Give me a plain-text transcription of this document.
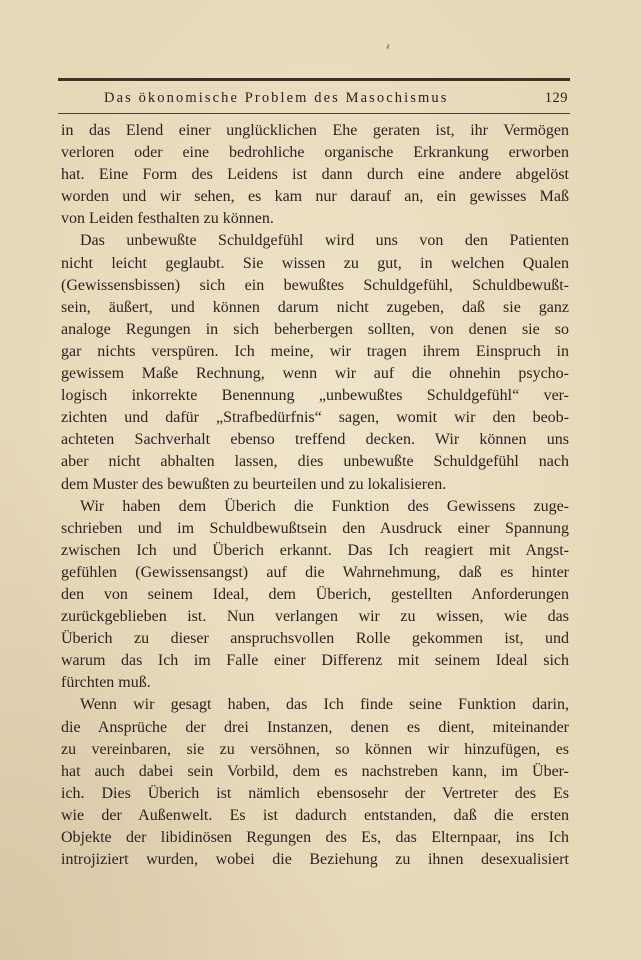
Das ökonomische Problem des Masochismus	129
in das Elend einer unglücklichen Ehe geraten ist, ihr Vermögen
verloren oder eine bedrohliche organische Erkrankung erworben
hat. Eine Form des Leidens ist dann durch eine andere abgelöst
worden und wir sehen, es kam nur darauf an, ein gewisses Maß
von Leiden festhalten zu können.
Das unbewußte Schuldgefühl wird uns von den Patienten
nicht leicht geglaubt. Sie wissen zu gut, in welchen Qualen
(Gewissensbissen) sich ein bewußtes Schuldgefühl, Schuldbewußt-
sein, äußert, und können darum nicht zugeben, daß sie ganz
analoge Regungen in sich beherbergen sollten, von denen sie so
gar nichts verspüren. Ich meine, wir tragen ihrem Einspruch in
gewissem Maße Rechnung, wenn wir auf die ohnehin psycho-
logisch inkorrekte Benennung „unbewußtes Schuldgefühl“ ver-
zichten und dafür „Strafbedürfnis“ sagen, womit wir den beob-
achteten Sachverhalt ebenso treffend decken. Wir können uns
aber nicht abhalten lassen, dies unbewußte Schuldgefühl nach
dem Muster des bewußten zu beurteilen und zu lokalisieren.
Wir haben dem Überich die Funktion des Gewissens zuge-
schrieben und im Schuldbewußtsein den Ausdruck einer Spannung
zwischen Ich und Überich erkannt. Das Ich reagiert mit Angst-
gefühlen (Gewissensangst) auf die Wahrnehmung, daß es hinter
den von seinem Ideal, dem Überich, gestellten Anforderungen
zurückgeblieben ist. Nun verlangen wir zu wissen, wie das
Überich zu dieser anspruchsvollen Rolle gekommen ist, und
warum das Ich im Falle einer Differenz mit seinem Ideal sich
fürchten muß.
Wenn wir gesagt haben, das Ich finde seine Funktion darin,
die Ansprüche der drei Instanzen, denen es dient, miteinander
zu vereinbaren, sie zu versöhnen, so können wir hinzufügen, es
hat auch dabei sein Vorbild, dem es nachstreben kann, im Über-
ich. Dies Überich ist nämlich ebensosehr der Vertreter des Es
wie der Außenwelt. Es ist dadurch entstanden, daß die ersten
Objekte der libidinösen Regungen des Es, das Elternpaar, ins Ich
introjiziert wurden, wobei die Beziehung zu ihnen desexualisiert
